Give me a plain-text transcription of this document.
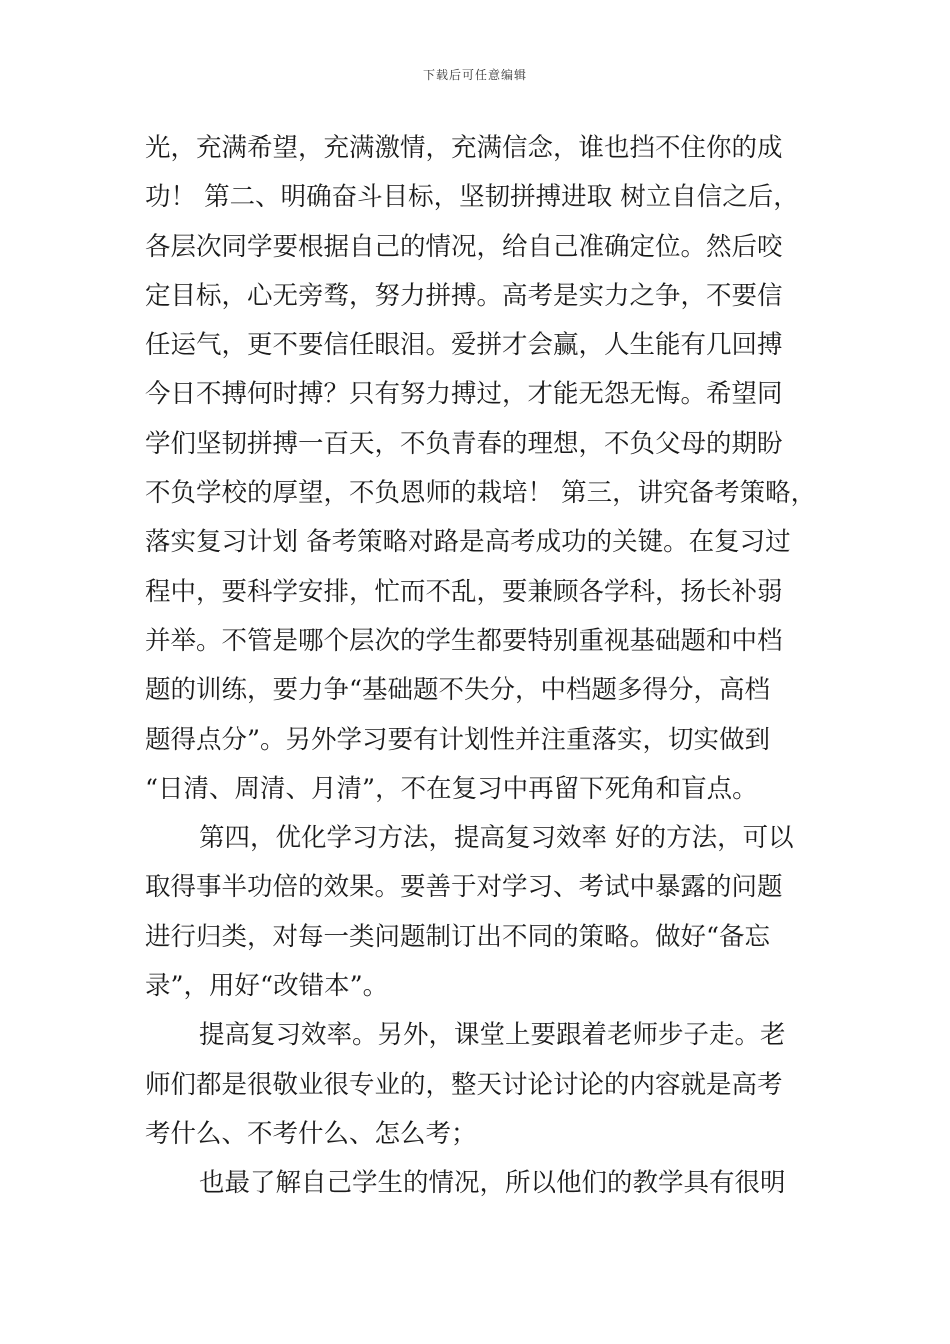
下载后可任意编辑
光，充满希望，充满激情，充满信念，谁也挡不住你的成
功！ 第二、明确奋斗目标，坚韧拼搏进取 树立自信之后，
各层次同学要根据自己的情况，给自己准确定位。然后咬
定目标，心无旁骛，努力拼搏。高考是实力之争，不要信
任运气，更不要信任眼泪。爱拼才会赢，人生能有几回搏
今日不搏何时搏？只有努力搏过，才能无怨无悔。希望同
学们坚韧拼搏一百天，不负青春的理想，不负父母的期盼
不负学校的厚望，不负恩师的栽培！ 第三，讲究备考策略，
落实复习计划 备考策略对路是高考成功的关键。在复习过
程中，要科学安排，忙而不乱，要兼顾各学科，扬长补弱
并举。不管是哪个层次的学生都要特别重视基础题和中档
题的训练，要力争“基础题不失分，中档题多得分，高档
题得点分”。另外学习要有计划性并注重落实，切实做到
“日清、周清、月清”，不在复习中再留下死角和盲点。
第四，优化学习方法，提高复习效率 好的方法，可以
取得事半功倍的效果。要善于对学习、考试中暴露的问题
进行归类，对每一类问题制订出不同的策略。做好“备忘
录”，用好“改错本”。
提高复习效率。另外，课堂上要跟着老师步子走。老
师们都是很敬业很专业的，整天讨论讨论的内容就是高考
考什么、不考什么、怎么考；
也最了解自己学生的情况，所以他们的教学具有很明
